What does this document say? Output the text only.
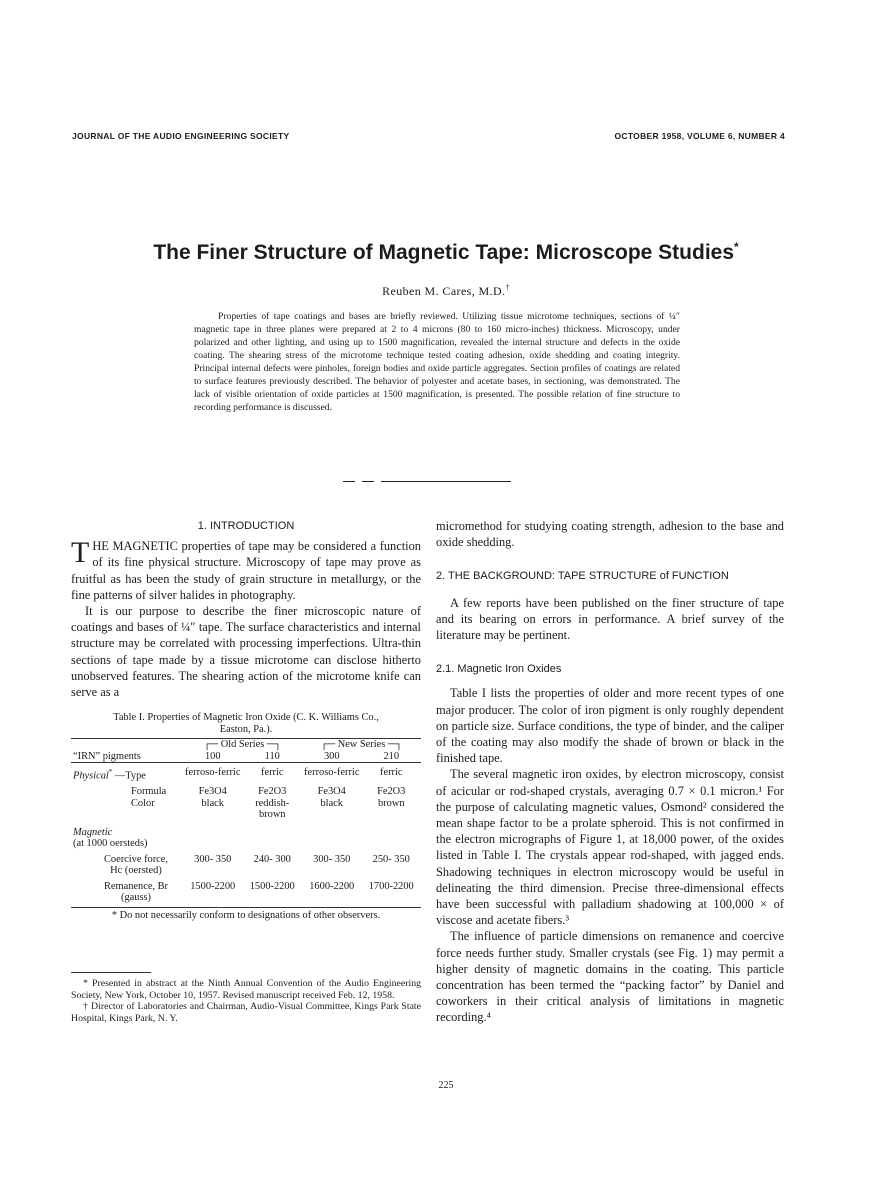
JOURNAL OF THE AUDIO ENGINEERING SOCIETY	OCTOBER 1958, VOLUME 6, NUMBER 4
The Finer Structure of Magnetic Tape: Microscope Studies*
Reuben M. Cares, M.D.†

Properties of tape coatings and bases are briefly reviewed. Utilizing tissue microtome techniques, sections of ¼″ magnetic tape in three planes were prepared at 2 to 4 microns (80 to 160 micro-inches) thickness. Microscopy, under polarized and other lighting, and using up to 1500 magnification, revealed the internal structure and defects in the oxide coating. The shearing stress of the microtome technique tested coating adhesion, oxide shedding and coating integrity. Principal internal defects were pinholes, foreign bodies and oxide particle aggregates. Section profiles of coatings are related to surface features previously described. The behavior of polyester and acetate bases, in sectioning, was demonstrated. The lack of visible orientation of oxide particles at 1500 magnification, is presented. The possible relation of fine structure to recording performance is discussed.

1. INTRODUCTION

THE MAGNETIC properties of tape may be considered a function of its fine physical structure. Microscopy of tape may prove as fruitful as has been the study of grain structure in metallurgy, or the fine patterns of silver halides in photography.

It is our purpose to describe the finer microscopic nature of coatings and bases of ¼″ tape. The surface characteristics and internal structure may be correlated with processing imperfections. Ultra-thin sections of tape made by a tissue microtome can disclose hitherto unobserved features. The shearing action of the microtome knife can serve as a

Table I. Properties of Magnetic Iron Oxide (C. K. Williams Co.,
Easton, Pa.).
	┌─ Old Series ─┐		┌─ New Series ─┐	
“IRN” pigments	100	110	300	210
Physical* —Type	ferroso-ferric	ferric	ferroso-ferric	ferric
Formula	Fe3O4	Fe2O3	Fe3O4	Fe2O3
Color	black	reddish-brown	black	brown
Magnetic
(at 1000 oersteds)				
Coercive force,
Hc (oersted)	300- 350	240- 300	300- 350	250- 350
Remanence, Br
(gauss)	1500-2200	1500-2200	1600-2200	1700-2200
* Do not necessarily conform to designations of other observers.

* Presented in abstract at the Ninth Annual Convention of the Audio Engineering Society, New York, October 10, 1957. Revised manuscript received Feb. 12, 1958.

† Director of Laboratories and Chairman, Audio-Visual Committee, Kings Park State Hospital, Kings Park, N. Y.

micromethod for studying coating strength, adhesion to the base and oxide shedding.

2. THE BACKGROUND: TAPE STRUCTURE of FUNCTION

A few reports have been published on the finer structure of tape and its bearing on errors in performance. A brief survey of the literature may be pertinent.

2.1. Magnetic Iron Oxides

Table I lists the properties of older and more recent types of one major producer. The color of iron pigment is only roughly dependent on particle size. Surface conditions, the type of binder, and the caliper of the coating may also modify the shade of brown or black in the finished tape.

The several magnetic iron oxides, by electron microscopy, consist of acicular or rod-shaped crystals, averaging 0.7 × 0.1 micron.¹ For the purpose of calculating magnetic values, Osmond² considered the mean shape factor to be a prolate spheroid. This is not confirmed in the electron micrographs of Figure 1, at 18,000 power, of the oxides listed in Table I. The crystals appear rod-shaped, with jagged ends. Shadowing techniques in electron microscopy would be useful in delineating the third dimension. Precise three-dimensional effects have been successful with palladium shadowing at 100,000 × of viscose and acetate fibers.³

The influence of particle dimensions on remanence and coercive force needs further study. Smaller crystals (see Fig. 1) may permit a higher density of magnetic domains in the coating. This particle concentration has been termed the “packing factor” by Daniel and coworkers in their critical analysis of limitations in magnetic recording.⁴

225
